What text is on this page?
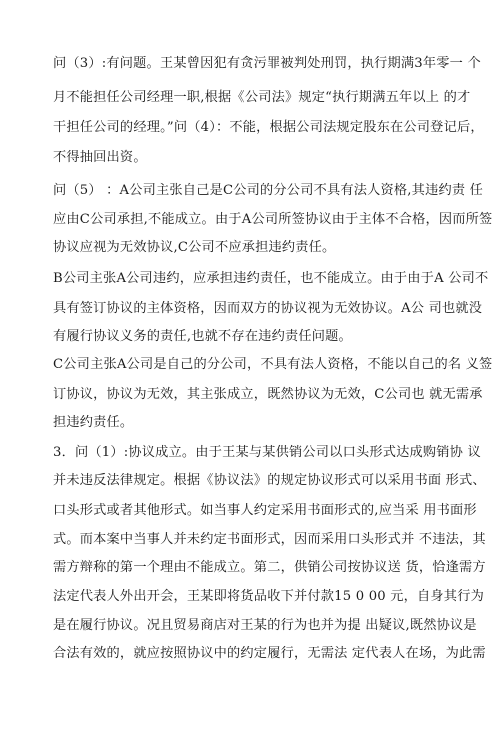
问（3）:有问题。王某曾因犯有贪污罪被判处刑罚，执行期满3年零一 个

月不能担任公司经理一职,根据《公司法》规定“执行期满五年以上 的才

干担任公司的经理。”问（4）：不能，根据公司法规定股东在公司登记后，

不得抽回出资。

问（5） ：A公司主张自己是C公司的分公司不具有法人资格,其违约责 任

应由C公司承担,不能成立。由于A公司所签协议由于主体不合格，因而所签

协议应视为无效协议,C公司不应承担违约责任。

B公司主张A公司违约，应承担违约责任，也不能成立。由于由于A 公司不

具有签订协议的主体资格，因而双方的协议视为无效协议。A公 司也就没

有履行协议义务的责任,也就不存在违约责任问题。

C公司主张A公司是自己的分公司，不具有法人资格，不能以自己的名 义签

订协议，协议为无效，其主张成立，既然协议为无效，C公司也 就无需承

担违约责任。

3．问（1）:协议成立。由于王某与某供销公司以口头形式达成购销协 议

并未违反法律规定。根据《协议法》的规定协议形式可以采用书面 形式、

口头形式或者其他形式。如当事人约定采用书面形式的,应当采 用书面形

式。而本案中当事人并未约定书面形式，因而采用口头形式并 不违法，其

需方辩称的第一个理由不能成立。第二，供销公司按协议送 货，恰逢需方

法定代表人外出开会，王某即将货品收下并付款15 0 00 元，自身其行为

是在履行协议。况且贸易商店对王某的行为也并为提 出疑议,既然协议是

合法有效的，就应按照协议中的约定履行，无需法 定代表人在场，为此需
